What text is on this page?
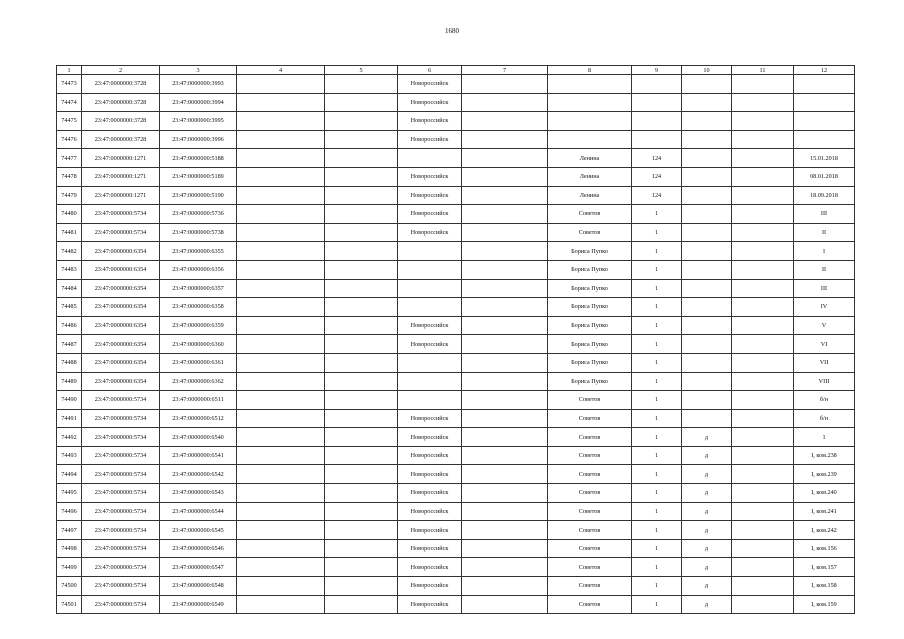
1680
1	2	3	4	5	6	7	8	9	10	11	12
74473	23:47:0000000:3728	23:47:0000000:3993			Новороссийск						
74474	23:47:0000000:3728	23:47:0000000:3994			Новороссийск						
74475	23:47:0000000:3728	23:47:0000000:3995			Новороссийск						
74476	23:47:0000000:3728	23:47:0000000:3996			Новороссийск						
74477	23:47:0000000:1271	23:47:0000000:5188					Ленина	124			15.01.2018
74478	23:47:0000000:1271	23:47:0000000:5189			Новороссийск		Ленина	124			08.01.2018
74479	23:47:0000000:1271	23:47:0000000:5190			Новороссийск		Ленина	124			18.09.2018
74480	23:47:0000000:5734	23:47:0000000:5736			Новороссийск		Советов	1			III
74481	23:47:0000000:5734	23:47:0000000:5738			Новороссийск		Советов	1			II
74482	23:47:0000000:6354	23:47:0000000:6355					Бориса Пупко	1			I
74483	23:47:0000000:6354	23:47:0000000:6356					Бориса Пупко	1			II
74484	23:47:0000000:6354	23:47:0000000:6357					Бориса Пупко	1			III
74485	23:47:0000000:6354	23:47:0000000:6358					Бориса Пупко	1			IV
74486	23:47:0000000:6354	23:47:0000000:6359			Новороссийск		Бориса Пупко	1			V
74487	23:47:0000000:6354	23:47:0000000:6360			Новороссийск		Бориса Пупко	1			VI
74488	23:47:0000000:6354	23:47:0000000:6361					Бориса Пупко	1			VII
74489	23:47:0000000:6354	23:47:0000000:6362					Бориса Пупко	1			VIII
74490	23:47:0000000:5734	23:47:0000000:6511					Советов	1			б/н
74491	23:47:0000000:5734	23:47:0000000:6512			Новороссийск		Советов	1			б/н
74492	23:47:0000000:5734	23:47:0000000:6540			Новороссийск		Советов	1	д		1
74493	23:47:0000000:5734	23:47:0000000:6541			Новороссийск		Советов	1	д		I, ком.238
74494	23:47:0000000:5734	23:47:0000000:6542			Новороссийск		Советов	1	д		I, ком.239
74495	23:47:0000000:5734	23:47:0000000:6543			Новороссийск		Советов	1	д		I, ком.240
74496	23:47:0000000:5734	23:47:0000000:6544			Новороссийск		Советов	1	д		I, ком.241
74497	23:47:0000000:5734	23:47:0000000:6545			Новороссийск		Советов	1	д		I, ком.242
74498	23:47:0000000:5734	23:47:0000000:6546			Новороссийск		Советов	1	д		I, ком.156
74499	23:47:0000000:5734	23:47:0000000:6547			Новороссийск		Советов	1	д		I, ком.157
74500	23:47:0000000:5734	23:47:0000000:6548			Новороссийск		Советов	1	д		I, ком.158
74501	23:47:0000000:5734	23:47:0000000:6549			Новороссийск		Советов	1	д		I, ком.159
